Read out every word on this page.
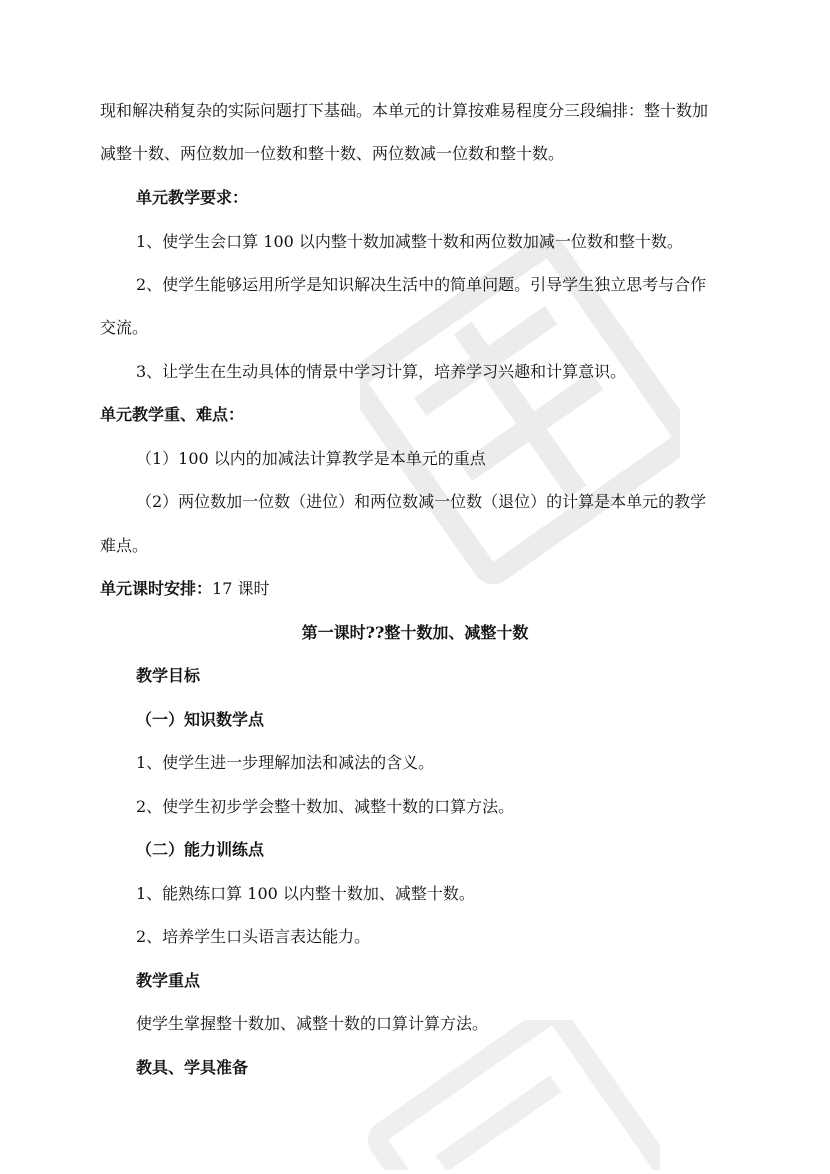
现和解决稍复杂的实际问题打下基础。本单元的计算按难易程度分三段编排：整十数加
减整十数、两位数加一位数和整十数、两位数减一位数和整十数。
单元教学要求：
1、使学生会口算 100 以内整十数加减整十数和两位数加减一位数和整十数。
2、使学生能够运用所学是知识解决生活中的简单问题。引导学生独立思考与合作
交流。
3、让学生在生动具体的情景中学习计算，培养学习兴趣和计算意识。
单元教学重、难点：
（1）100 以内的加减法计算教学是本单元的重点
（2）两位数加一位数（进位）和两位数减一位数（退位）的计算是本单元的教学
难点。
单元课时安排：17 课时
第一课时??整十数加、减整十数
教学目标
（一）知识数学点
1、使学生进一步理解加法和减法的含义。
2、使学生初步学会整十数加、减整十数的口算方法。
（二）能力训练点
1、能熟练口算 100 以内整十数加、减整十数。
2、培养学生口头语言表达能力。
教学重点
使学生掌握整十数加、减整十数的口算计算方法。
教具、学具准备
